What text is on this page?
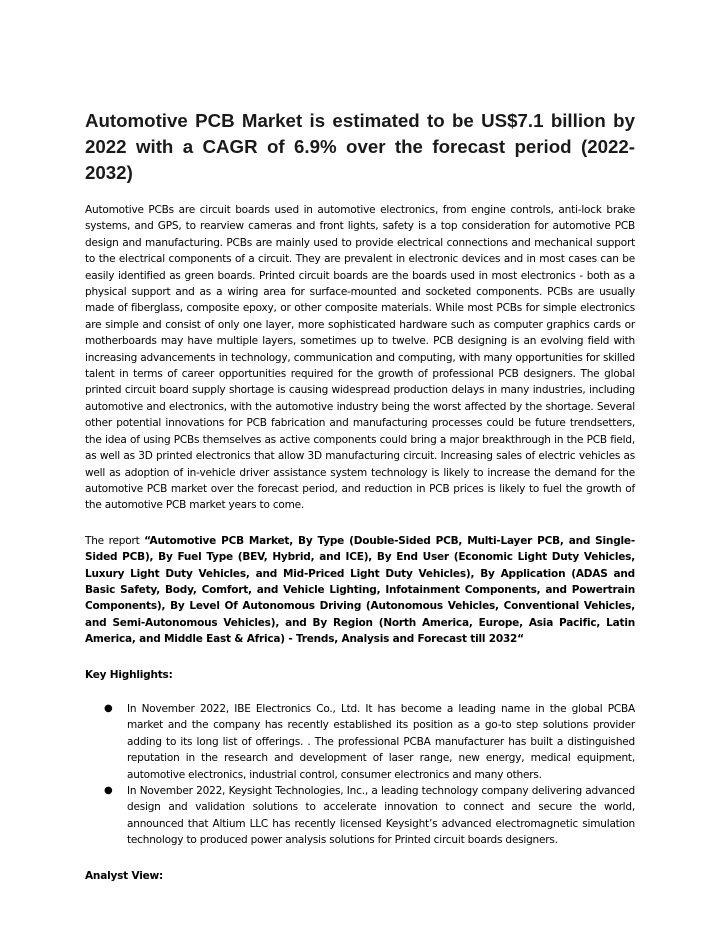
Automotive PCB Market is estimated to be US$7.1 billion by 2022 with a CAGR of 6.9% over the forecast period (2022-2032)

Automotive PCBs are circuit boards used in automotive electronics, from engine controls, anti-lock brake systems, and GPS, to rearview cameras and front lights, safety is a top consideration for automotive PCB design and manufacturing. PCBs are mainly used to provide electrical connections and mechanical support to the electrical components of a circuit. They are prevalent in electronic devices and in most cases can be easily identified as green boards. Printed circuit boards are the boards used in most electronics - both as a physical support and as a wiring area for surface-mounted and socketed components. PCBs are usually made of fiberglass, composite epoxy, or other composite materials. While most PCBs for simple electronics are simple and consist of only one layer, more sophisticated hardware such as computer graphics cards or motherboards may have multiple layers, sometimes up to twelve. PCB designing is an evolving field with increasing advancements in technology, communication and computing, with many opportunities for skilled talent in terms of career opportunities required for the growth of professional PCB designers. The global printed circuit board supply shortage is causing widespread production delays in many industries, including automotive and electronics, with the automotive industry being the worst affected by the shortage. Several other potential innovations for PCB fabrication and manufacturing processes could be future trendsetters, the idea of using PCBs themselves as active components could bring a major breakthrough in the PCB field, as well as 3D printed electronics that allow 3D manufacturing circuit. Increasing sales of electric vehicles as well as adoption of in-vehicle driver assistance system technology is likely to increase the demand for the automotive PCB market over the forecast period, and reduction in PCB prices is likely to fuel the growth of the automotive PCB market years to come.

The report “Automotive PCB Market, By Type (Double-Sided PCB, Multi-Layer PCB, and Single-Sided PCB), By Fuel Type (BEV, Hybrid, and ICE), By End User (Economic Light Duty Vehicles, Luxury Light Duty Vehicles, and Mid-Priced Light Duty Vehicles), By Application (ADAS and Basic Safety, Body, Comfort, and Vehicle Lighting, Infotainment Components, and Powertrain Components), By Level Of Autonomous Driving (Autonomous Vehicles, Conventional Vehicles, and Semi-Autonomous Vehicles), and By Region (North America, Europe, Asia Pacific, Latin America, and Middle East & Africa) - Trends, Analysis and Forecast till 2032“

Key Highlights:
● In November 2022, IBE Electronics Co., Ltd. It has become a leading name in the global PCBA market and the company has recently established its position as a go-to step solutions provider adding to its long list of offerings. . The professional PCBA manufacturer has built a distinguished reputation in the research and development of laser range, new energy, medical equipment, automotive electronics, industrial control, consumer electronics and many others.
● In November 2022, Keysight Technologies, Inc., a leading technology company delivering advanced design and validation solutions to accelerate innovation to connect and secure the world, announced that Altium LLC has recently licensed Keysight’s advanced electromagnetic simulation technology to produced power analysis solutions for Printed circuit boards designers.
Analyst View:
